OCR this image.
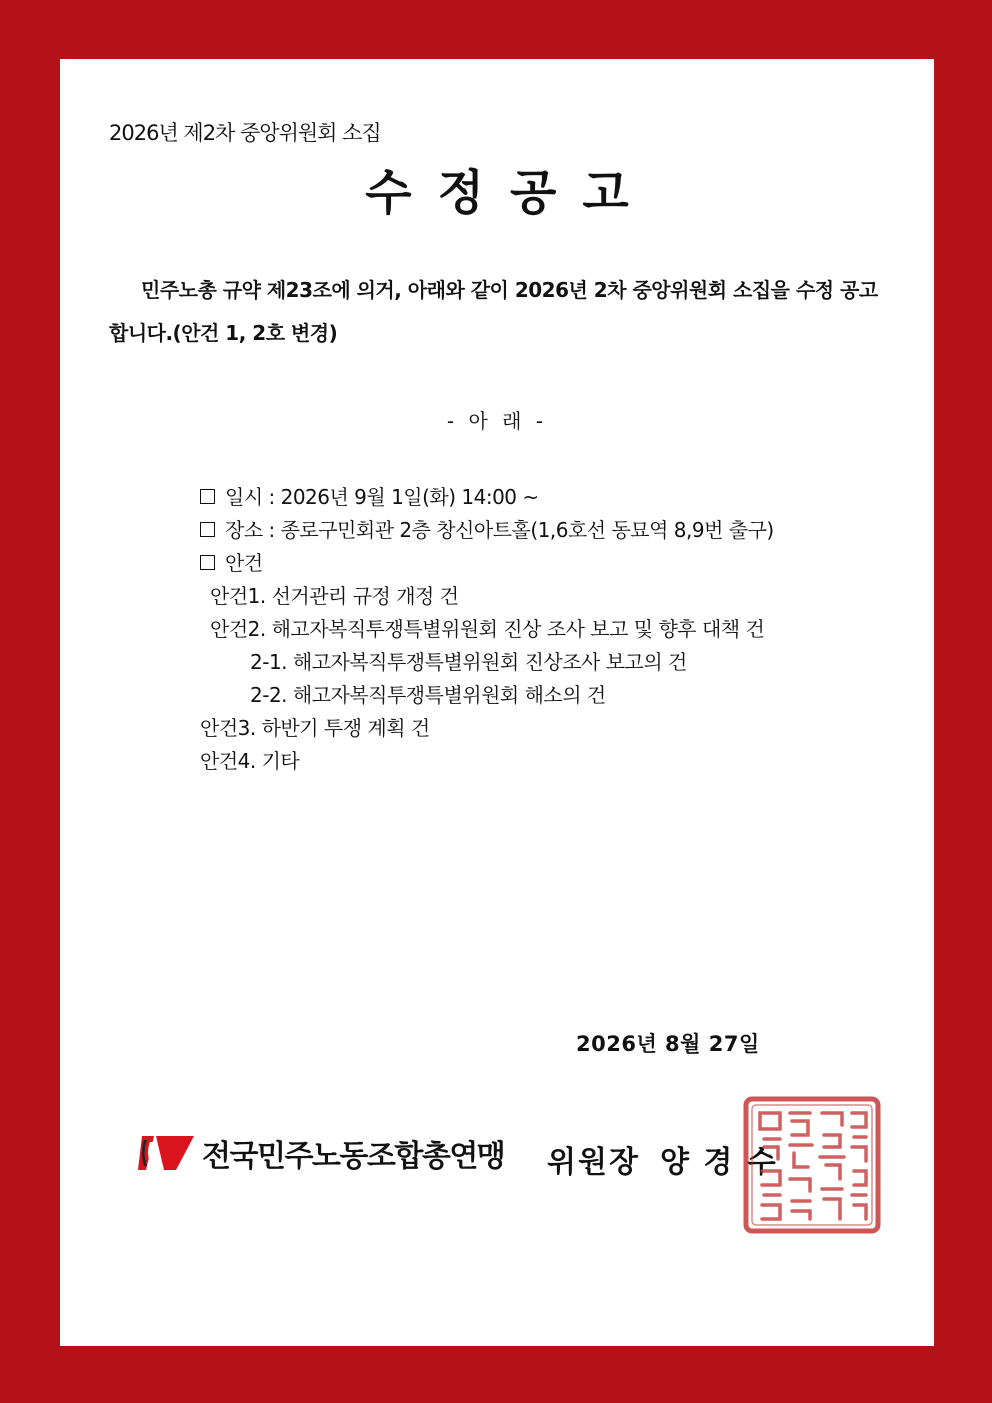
2026년 제2차 중앙위원회 소집
수정공고
민주노총 규약 제23조에 의거, 아래와 같이 2026년 2차 중앙위원회 소집을 수정 공고합니다.(안건 1, 2호 변경)
- 아 래 -
일시 : 2026년 9월 1일(화) 14:00 ~
장소 : 종로구민회관 2층 창신아트홀(1,6호선 동묘역 8,9번 출구)
안건
안건1. 선거관리 규정 개정 건
안건2. 해고자복직투쟁특별위원회 진상 조사 보고 및 향후 대책 건
2-1. 해고자복직투쟁특별위원회 진상조사 보고의 건
2-2. 해고자복직투쟁특별위원회 해소의 건
안건3. 하반기 투쟁 계획 건
안건4. 기타
2026년 8월 27일
전국민주노동조합총연맹 위원장 양 경 수
